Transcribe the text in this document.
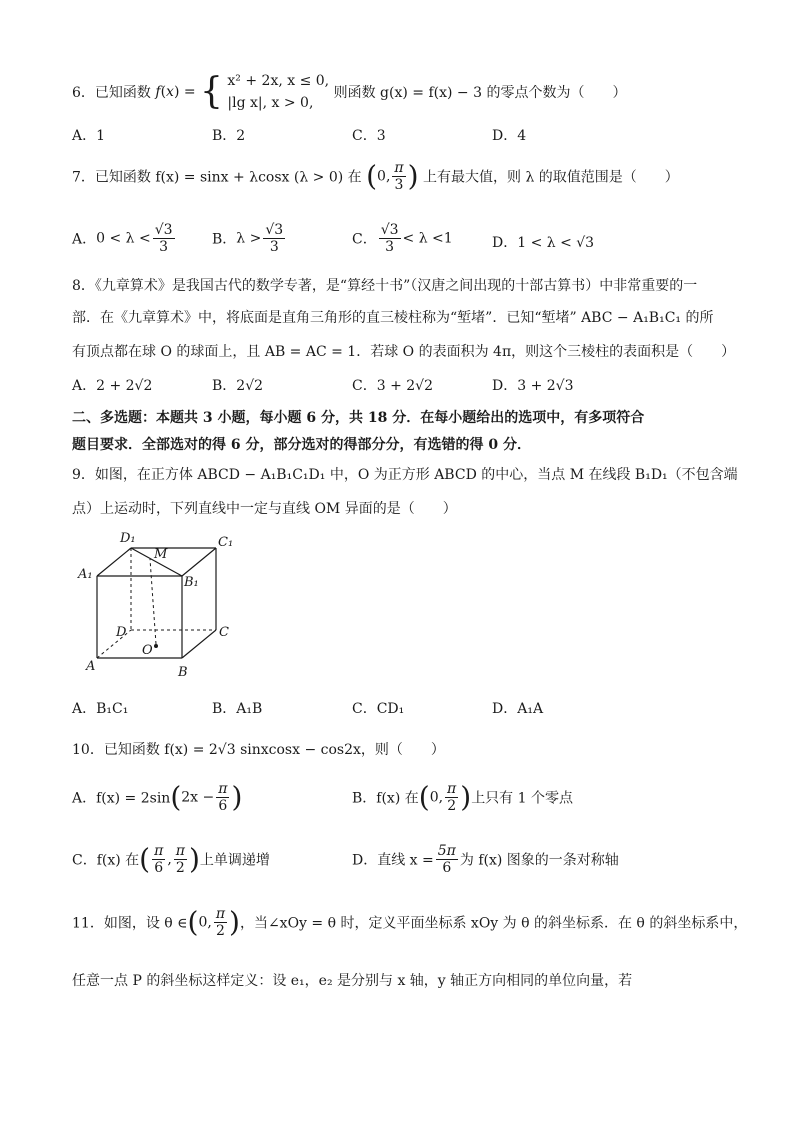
6．已知函数 f(x) = { x² + 2x, x ≤ 0,
|lg x|, x > 0,
则函数 g(x) = f(x) − 3 的零点个数为（　　）
A．1	B．2	C．3	D．4
7．已知函数 f(x) = sinx + λcosx (λ > 0) 在 (0, $\frac{\pi}{3}$ ) 上有最大值，则 λ 的取值范围是（　　）
A．$0 < \lambda < \frac{√3}{3}$	B．$\lambda > \frac{√3}{3}$	C． $\frac{√3}{3} < \lambda <1$	D．1 < λ < √3
8．《九章算术》是我国古代的数学专著，是“算经十书”（汉唐之间出现的十部古算书）中非常重要的一
部．在《九章算术》中，将底面是直角三角形的直三棱柱称为“堑堵”．已知“堑堵” ABC − A₁B₁C₁ 的所
有顶点都在球 O 的球面上，且 AB = AC = 1．若球 O 的表面积为 4π，则这个三棱柱的表面积是（　　）
A．2 + 2√2	B．2√2	C．3 + 2√2	D．3 + 2√3
二、多选题：本题共 3 小题，每小题 6 分，共 18 分．在每小题给出的选项中，有多项符合
题目要求．全部选对的得 6 分，部分选对的得部分分，有选错的得 0 分．
9．如图，在正方体 ABCD − A₁B₁C₁D₁ 中，O 为正方形 ABCD 的中心，当点 M 在线段 B₁D₁（不包含端
点）上运动时，下列直线中一定与直线 OM 异面的是（　　）
D₁
M
C₁
A₁
B₁
D	C
O
A	B
A．B₁C₁	B．A₁B	C．CD₁	D．A₁A
10．已知函数 f(x) = 2√3 sinxcosx − cos2x，则（　　）
A．$f(x) = 2\sin(2x - \frac{\pi}{6}$ )	B．f(x) 在(0, $\frac{\pi}{2}$ )上只有 1 个零点
C．f(x) 在( $\frac{\pi}{6}$ , $\frac{\pi}{2}$ )上单调递增	D．直线 $x = \frac{5\pi}{6}$ 为 f(x) 图象的一条对称轴
11．如图，设 θ ∈(0, $\frac{\pi}{2}$ )，当∠xOy = θ 时，定义平面坐标系 xOy 为 θ 的斜坐标系．在 θ 的斜坐标系中，
任意一点 P 的斜坐标这样定义：设 e₁，e₂ 是分别与 x 轴，y 轴正方向相同的单位向量，若
